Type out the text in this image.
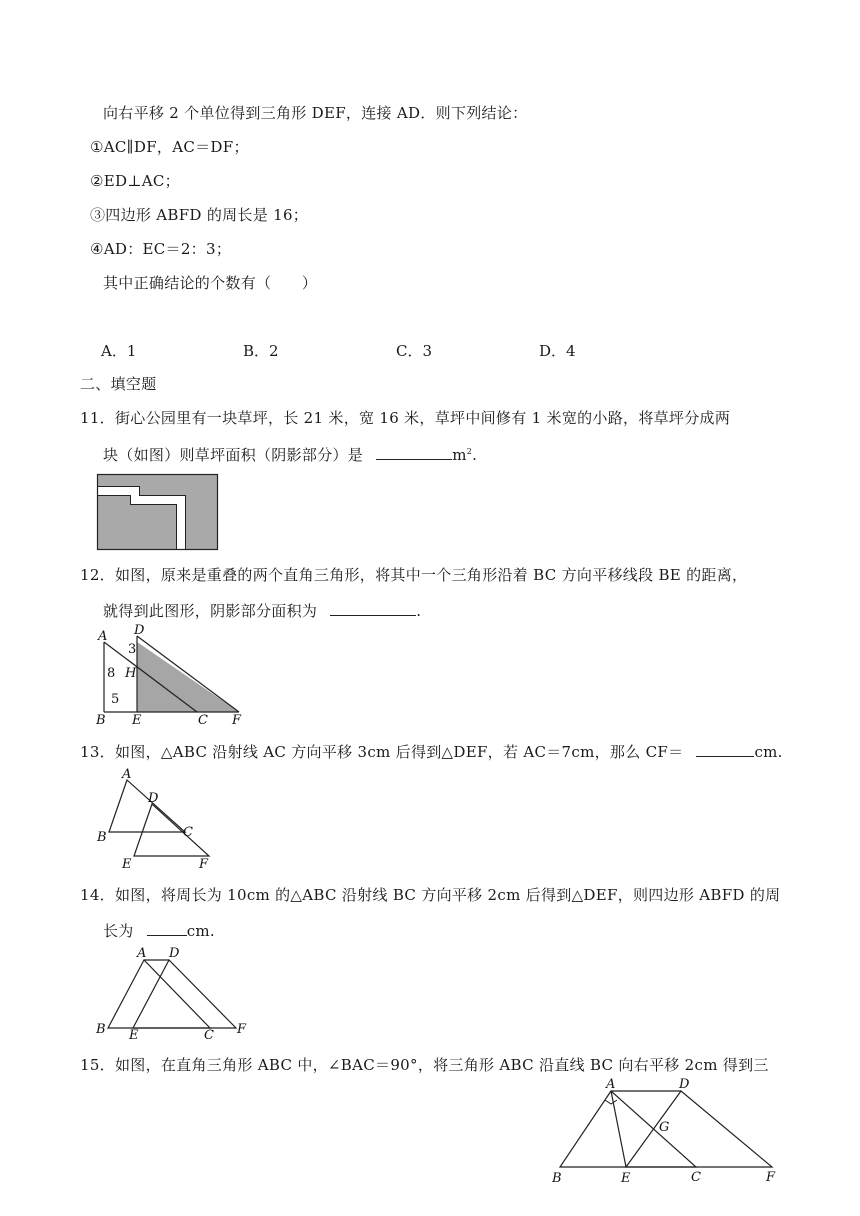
向右平移 2 个单位得到三角形 DEF，连接 AD．则下列结论：
①AC∥DF，AC＝DF；
②ED⊥AC；
③四边形 ABFD 的周长是 16；
④AD：EC＝2：3；
其中正确结论的个数有（　　）
A．1	B．2	C．3	D．4
二、填空题
11．街心公园里有一块草坪，长 21 米，宽 16 米，草坪中间修有 1 米宽的小路，将草坪分成两
块（如图）则草坪面积（阴影部分）是	$m^2$.
12．如图，原来是重叠的两个直角三角形，将其中一个三角形沿着 BC 方向平移线段 BE 的距离，
就得到此图形，阴影部分面积为	.
A D
3
8 H
5
B E	C F
13．如图，△ABC 沿射线 AC 方向平移 3cm 后得到△DEF，若 AC＝7cm，那么 CF＝	cm.
A
D
B	C
E	F
14．如图，将周长为 10cm 的△ABC 沿射线 BC 方向平移 2cm 后得到△DEF，则四边形 ABFD 的周
长为	cm.
A D
B E	C F
15．如图，在直角三角形 ABC 中，∠BAC＝90°，将三角形 ABC 沿直线 BC 向右平移 2cm 得到三
A	D
G
B	E	C	F
